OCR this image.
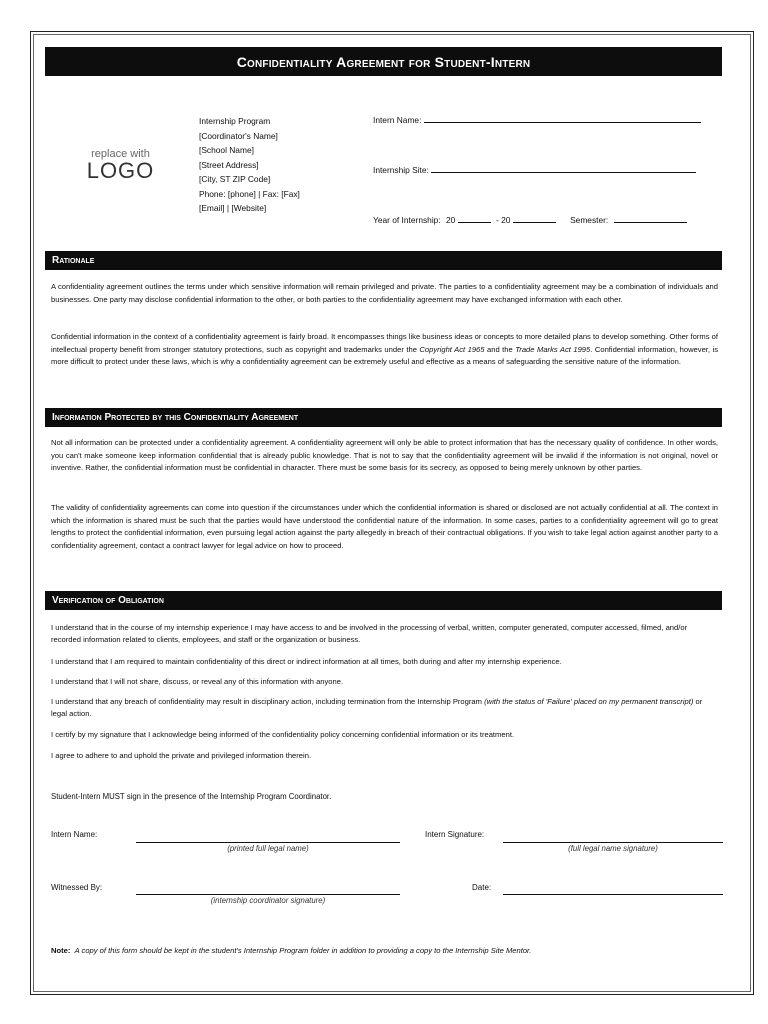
Confidentiality Agreement for Student-Intern
replace with
LOGO
Internship Program
[Coordinator's Name]
[School Name]
[Street Address]
[City, ST ZIP Code]
Phone: [phone] | Fax: [Fax]
[Email] | [Website]
Intern Name:
Internship Site:
Year of Internship: 20	- 20	Semester:
Rationale
A confidentiality agreement outlines the terms under which sensitive information will remain privileged and private. The parties to a confidentiality agreement may be a combination of individuals and businesses. One party may disclose confidential information to the other, or both parties to the confidentiality agreement may have exchanged information with each other.
Confidential information in the context of a confidentiality agreement is fairly broad. It encompasses things like business ideas or concepts to more detailed plans to develop something. Other forms of intellectual property benefit from stronger statutory protections, such as copyright and trademarks under the Copyright Act 1965 and the Trade Marks Act 1995. Confidential information, however, is more difficult to protect under these laws, which is why a confidentiality agreement can be extremely useful and effective as a means of safeguarding the sensitive nature of the information.
Information Protected by this Confidentiality Agreement
Not all information can be protected under a confidentiality agreement. A confidentiality agreement will only be able to protect information that has the necessary quality of confidence. In other words, you can't make someone keep information confidential that is already public knowledge. That is not to say that the confidentiality agreement will be invalid if the information is not original, novel or inventive. Rather, the confidential information must be confidential in character. There must be some basis for its secrecy, as opposed to being merely unknown by other parties.
The validity of confidentiality agreements can come into question if the circumstances under which the confidential information is shared or disclosed are not actually confidential at all. The context in which the information is shared must be such that the parties would have understood the confidential nature of the information. In some cases, parties to a confidentiality agreement will go to great lengths to protect the confidential information, even pursuing legal action against the party allegedly in breach of their contractual obligations. If you wish to take legal action against another party to a confidentiality agreement, contact a contract lawyer for legal advice on how to proceed.
Verification of Obligation
I understand that in the course of my internship experience I may have access to and be involved in the processing of verbal, written, computer generated, computer accessed, filmed, and/or recorded information related to clients, employees, and staff or the organization or business.
I understand that I am required to maintain confidentiality of this direct or indirect information at all times, both during and after my internship experience.
I understand that I will not share, discuss, or reveal any of this information with anyone.
I understand that any breach of confidentiality may result in disciplinary action, including termination from the Internship Program (with the status of 'Failure' placed on my permanent transcript) or legal action.
I certify by my signature that I acknowledge being informed of the confidentiality policy concerning confidential information or its treatment.
I agree to adhere to and uphold the private and privileged information therein.
Student-Intern MUST sign in the presence of the Internship Program Coordinator.
Intern Name:
(printed full legal name)
Intern Signature:
(full legal name signature)
Witnessed By:
(internship coordinator signature)
Date:
Note: A copy of this form should be kept in the student's Internship Program folder in addition to providing a copy to the Internship Site Mentor.
